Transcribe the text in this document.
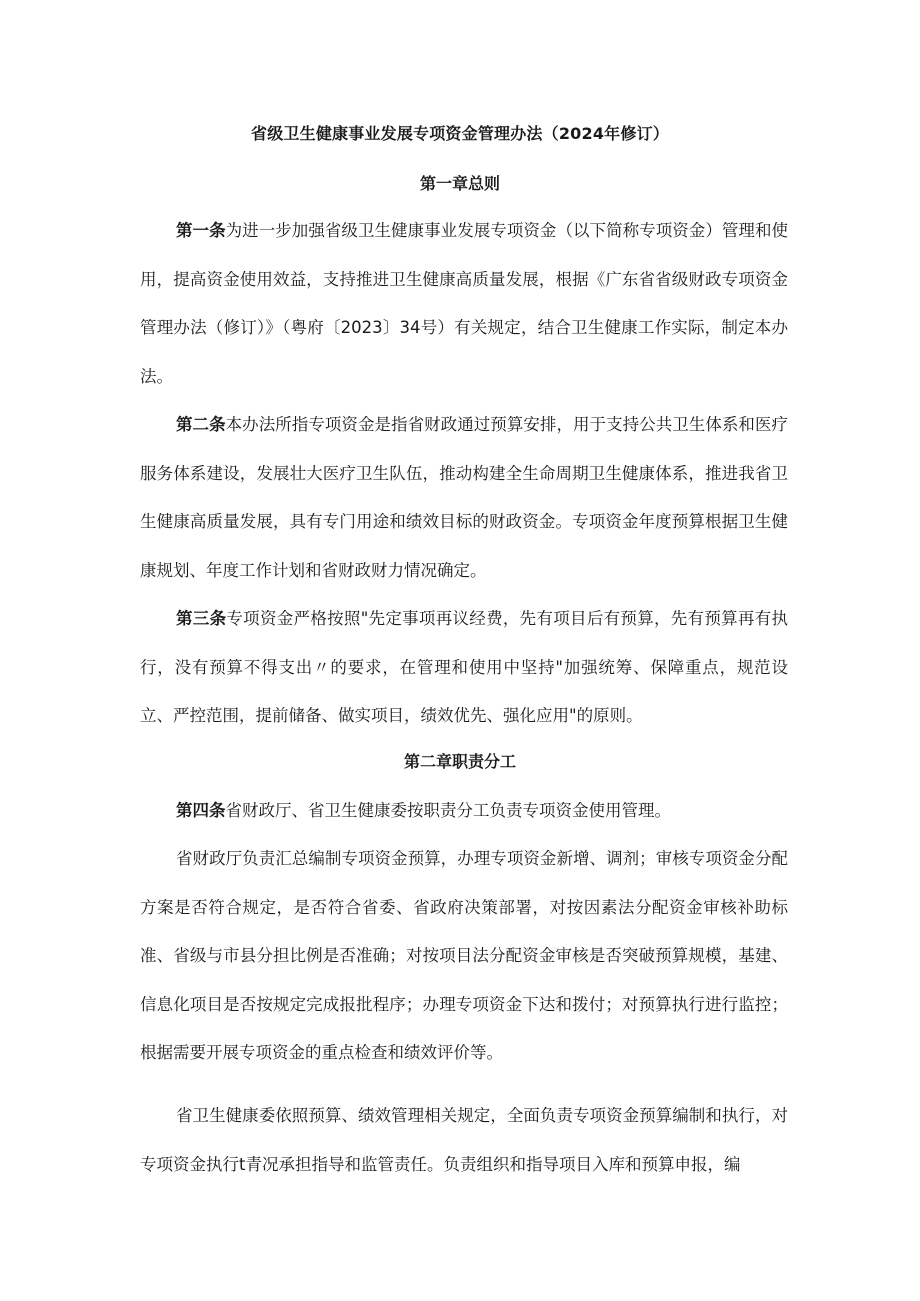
省级卫生健康事业发展专项资金管理办法（2024年修订）
第一章总则

第一条为进一步加强省级卫生健康事业发展专项资金（以下简称专项资金）管理和使用，提高资金使用效益，支持推进卫生健康高质量发展，根据《广东省省级财政专项资金管理办法（修订）》（粤府〔2023〕34号）有关规定，结合卫生健康工作实际，制定本办法。

第二条本办法所指专项资金是指省财政通过预算安排，用于支持公共卫生体系和医疗服务体系建设，发展壮大医疗卫生队伍，推动构建全生命周期卫生健康体系，推进我省卫生健康高质量发展，具有专门用途和绩效目标的财政资金。专项资金年度预算根据卫生健康规划、年度工作计划和省财政财力情况确定。

第三条专项资金严格按照"先定事项再议经费，先有项目后有预算，先有预算再有执行，没有预算不得支出〃的要求，在管理和使用中坚持"加强统筹、保障重点，规范设立、严控范围，提前储备、做实项目，绩效优先、强化应用"的原则。

第二章职责分工

第四条省财政厅、省卫生健康委按职责分工负责专项资金使用管理。

省财政厅负责汇总编制专项资金预算，办理专项资金新增、调剂；审核专项资金分配方案是否符合规定，是否符合省委、省政府决策部署，对按因素法分配资金审核补助标准、省级与市县分担比例是否准确；对按项目法分配资金审核是否突破预算规模，基建、信息化项目是否按规定完成报批程序；办理专项资金下达和拨付；对预算执行进行监控；根据需要开展专项资金的重点检查和绩效评价等。

省卫生健康委依照预算、绩效管理相关规定，全面负责专项资金预算编制和执行，对专项资金执行t青况承担指导和监管责任。负责组织和指导项目入库和预算申报，编
